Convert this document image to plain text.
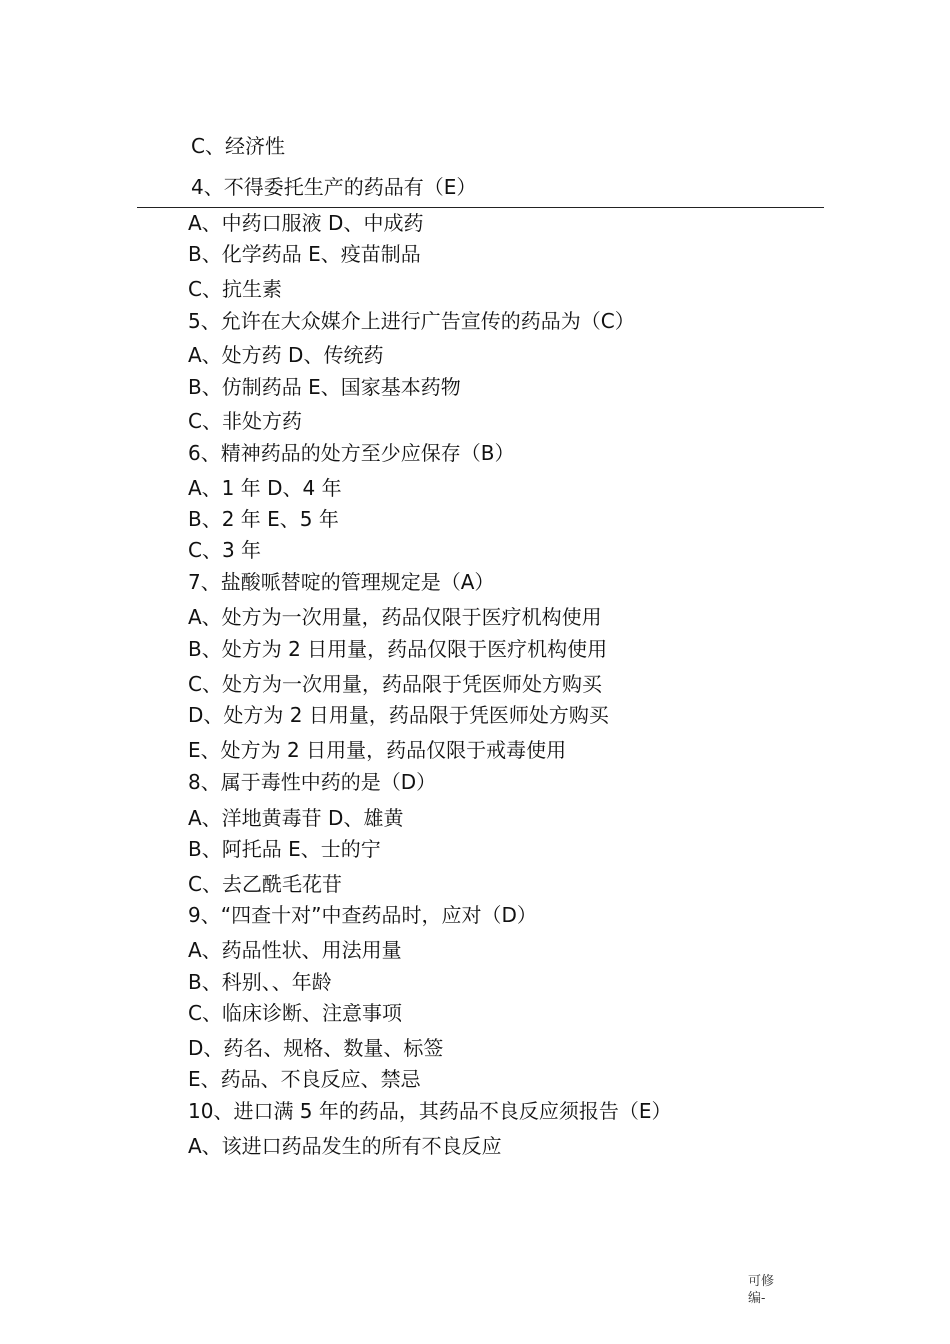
C、经济性
4、不得委托生产的药品有（E）
A、中药口服液 D、中成药
B、化学药品 E、疫苗制品
C、抗生素
5、允许在大众媒介上进行广告宣传的药品为（C）
A、处方药 D、传统药
B、仿制药品 E、国家基本药物
C、非处方药
6、精神药品的处方至少应保存（B）
A、1 年 D、4 年
B、2 年 E、5 年
C、3 年
7、盐酸哌替啶的管理规定是（A）
A、处方为一次用量，药品仅限于医疗机构使用
B、处方为 2 日用量，药品仅限于医疗机构使用
C、处方为一次用量，药品限于凭医师处方购买
D、处方为 2 日用量，药品限于凭医师处方购买
E、处方为 2 日用量，药品仅限于戒毒使用
8、属于毒性中药的是（D）
A、洋地黄毒苷 D、雄黄
B、阿托品 E、士的宁
C、去乙酰毛花苷
9、“四查十对”中查药品时，应对（D）
A、药品性状、用法用量
B、科别、、年龄
C、临床诊断、注意事项
D、药名、规格、数量、标签
E、药品、不良反应、禁忌
10、进口满 5 年的药品，其药品不良反应须报告（E）
A、该进口药品发生的所有不良反应
可修
编-
